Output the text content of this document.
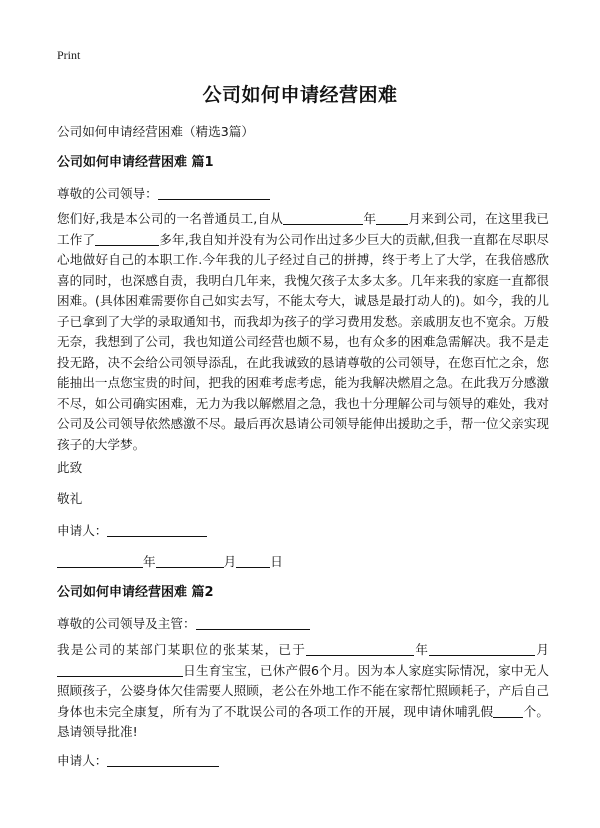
Print
公司如何申请经营困难
公司如何申请经营困难（精选3篇）
公司如何申请经营困难 篇1
尊敬的公司领导：
您们好,我是本公司的一名普通员工,自从	年	月来到公司，在这里我已工作了	多年,我自知并没有为公司作出过多少巨大的贡献,但我一直都在尽职尽心地做好自己的本职工作.今年我的儿子经过自己的拼搏，终于考上了大学，在我倍感欣喜的同时，也深感自责，我明白几年来，我愧欠孩子太多太多。几年来我的家庭一直都很困难。(具体困难需要你自己如实去写，不能太夸大，诚恳是最打动人的)。如今，我的儿子已拿到了大学的录取通知书，而我却为孩子的学习费用发愁。亲戚朋友也不宽余。万般无奈，我想到了公司，我也知道公司经营也颇不易，也有众多的困难急需解决。我不是走投无路，决不会给公司领导添乱，在此我诚致的恳请尊敬的公司领导，在您百忙之余，您能抽出一点您宝贵的时间，把我的困难考虑考虑，能为我解决燃眉之急。在此我万分感激不尽，如公司确实困难，无力为我以解燃眉之急，我也十分理解公司与领导的难处，我对公司及公司领导依然感激不尽。最后再次恳请公司领导能伸出援助之手，帮一位父亲实现孩子的大学梦。
此致
敬礼
申请人：
年	月	日
公司如何申请经营困难 篇2
尊敬的公司领导及主管：
我是公司的某部门某职位的张某某，已于	年	月日生育宝宝，已休产假6个月。因为本人家庭实际情况，家中无人照顾孩子，公婆身体欠佳需要人照顾，老公在外地工作不能在家帮忙照顾耗子，产后自己身体也未完全康复，所有为了不耽误公司的各项工作的开展，现申请休哺乳假 个。恳请领导批准!
申请人：
